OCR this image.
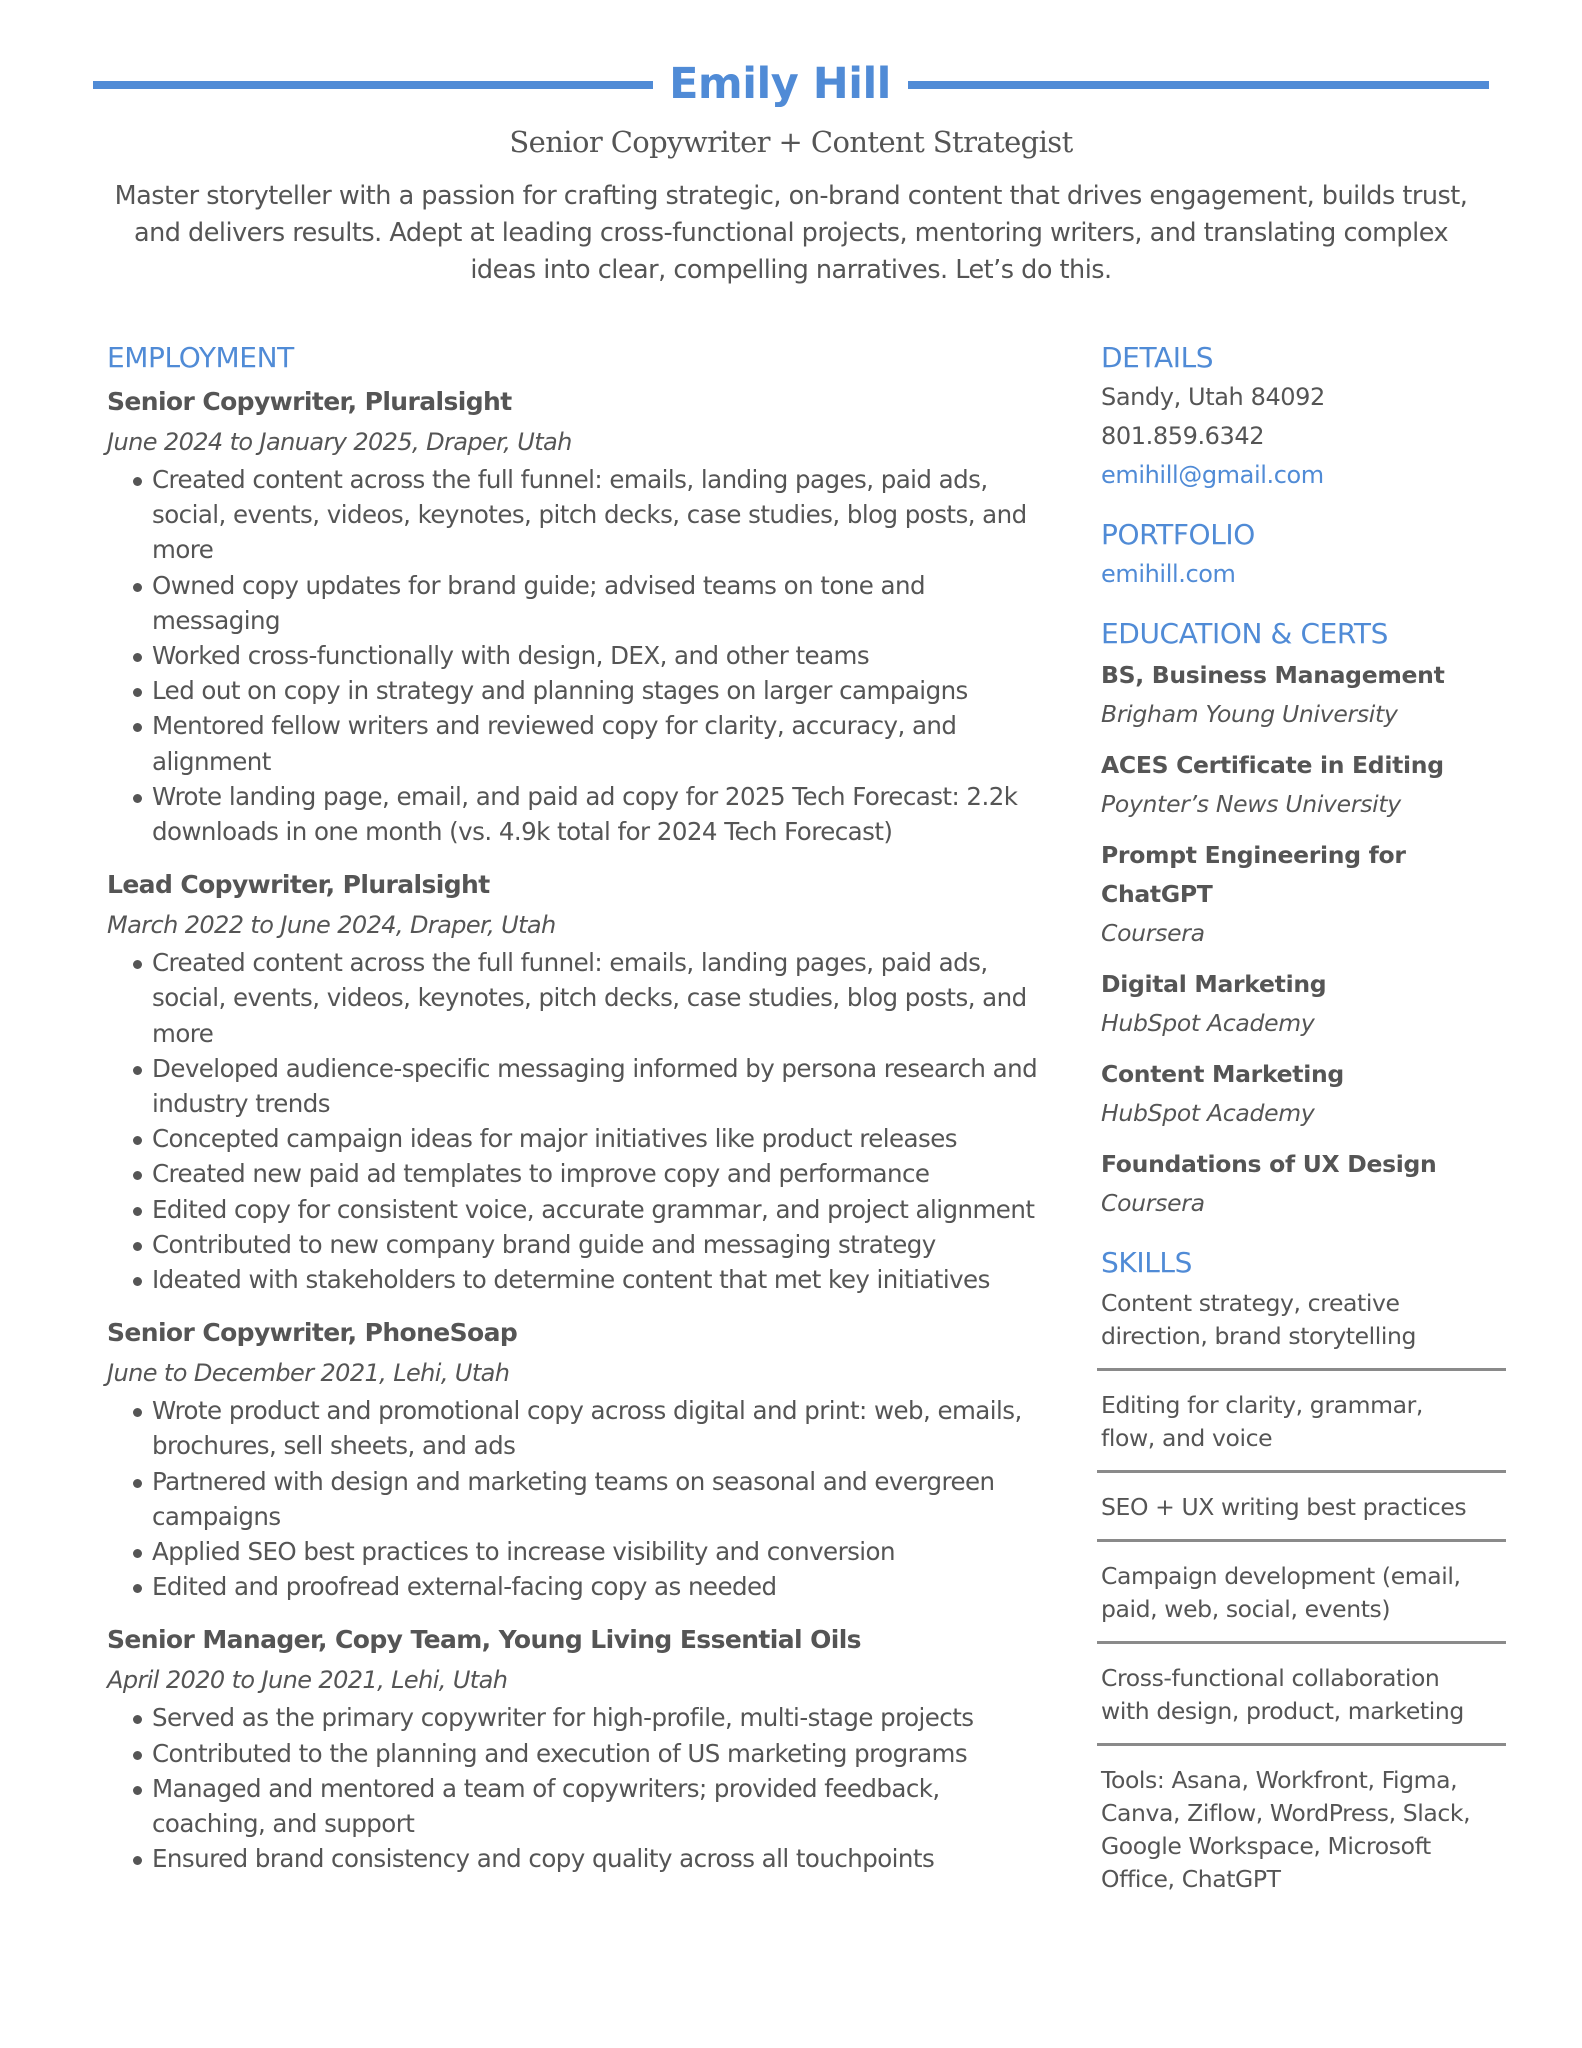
Emily Hill
Senior Copywriter + Content Strategist
Master storyteller with a passion for crafting strategic, on-brand content that drives engagement, builds trust, and delivers results. Adept at leading cross-functional projects, mentoring writers, and translating complex ideas into clear, compelling narratives. Let’s do this.
EMPLOYMENT
Senior Copywriter, Pluralsight
June 2024 to January 2025, Draper, Utah
Created content across the full funnel: emails, landing pages, paid ads, social, events, videos, keynotes, pitch decks, case studies, blog posts, and more
Owned copy updates for brand guide; advised teams on tone and messaging
Worked cross-functionally with design, DEX, and other teams
Led out on copy in strategy and planning stages on larger campaigns
Mentored fellow writers and reviewed copy for clarity, accuracy, and alignment
Wrote landing page, email, and paid ad copy for 2025 Tech Forecast: 2.2k downloads in one month (vs. 4.9k total for 2024 Tech Forecast)
Lead Copywriter, Pluralsight
March 2022 to June 2024, Draper, Utah
Created content across the full funnel: emails, landing pages, paid ads, social, events, videos, keynotes, pitch decks, case studies, blog posts, and more
Developed audience-specific messaging informed by persona research and industry trends
Concepted campaign ideas for major initiatives like product releases
Created new paid ad templates to improve copy and performance
Edited copy for consistent voice, accurate grammar, and project alignment
Contributed to new company brand guide and messaging strategy
Ideated with stakeholders to determine content that met key initiatives
Senior Copywriter, PhoneSoap
June to December 2021, Lehi, Utah
Wrote product and promotional copy across digital and print: web, emails, brochures, sell sheets, and ads
Partnered with design and marketing teams on seasonal and evergreen campaigns
Applied SEO best practices to increase visibility and conversion
Edited and proofread external-facing copy as needed
Senior Manager, Copy Team, Young Living Essential Oils
April 2020 to June 2021, Lehi, Utah
Served as the primary copywriter for high-profile, multi-stage projects
Contributed to the planning and execution of US marketing programs
Managed and mentored a team of copywriters; provided feedback, coaching, and support
Ensured brand consistency and copy quality across all touchpoints
DETAILS
Sandy, Utah 84092
801.859.6342
emihill@gmail.com
PORTFOLIO
emihill.com
EDUCATION & CERTS
BS, Business Management
Brigham Young University
ACES Certificate in Editing
Poynter’s News University
Prompt Engineering for ChatGPT
Coursera
Digital Marketing
HubSpot Academy
Content Marketing
HubSpot Academy
Foundations of UX Design
Coursera
SKILLS
Content strategy, creative direction, brand storytelling
Editing for clarity, grammar, flow, and voice
SEO + UX writing best practices
Campaign development (email, paid, web, social, events)
Cross-functional collaboration with design, product, marketing
Tools: Asana, Workfront, Figma, Canva, Ziflow, WordPress, Slack, Google Workspace, Microsoft Office, ChatGPT
